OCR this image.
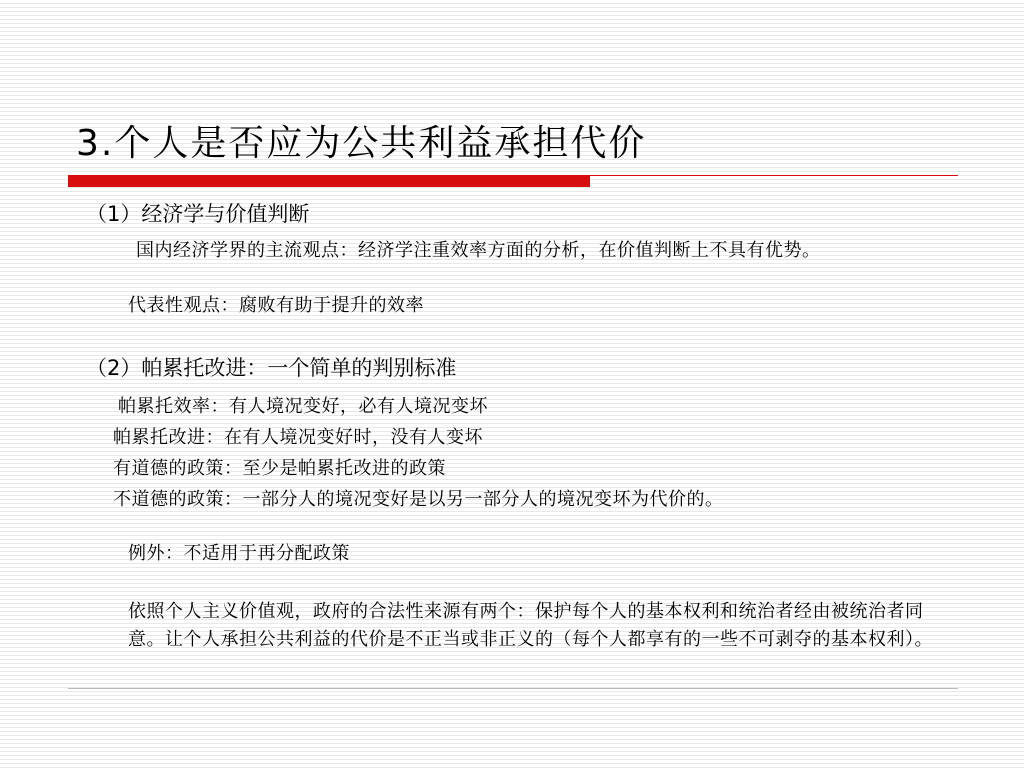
3.个人是否应为公共利益承担代价
（1）经济学与价值判断
国内经济学界的主流观点：经济学注重效率方面的分析，在价值判断上不具有优势。
代表性观点：腐败有助于提升的效率
（2）帕累托改进：一个简单的判别标准
帕累托效率：有人境况变好，必有人境况变坏
帕累托改进：在有人境况变好时，没有人变坏
有道德的政策：至少是帕累托改进的政策
不道德的政策：一部分人的境况变好是以另一部分人的境况变坏为代价的。
例外：不适用于再分配政策
依照个人主义价值观，政府的合法性来源有两个：保护每个人的基本权利和统治者经由被统治者同意。让个人承担公共利益的代价是不正当或非正义的（每个人都享有的一些不可剥夺的基本权利）。
